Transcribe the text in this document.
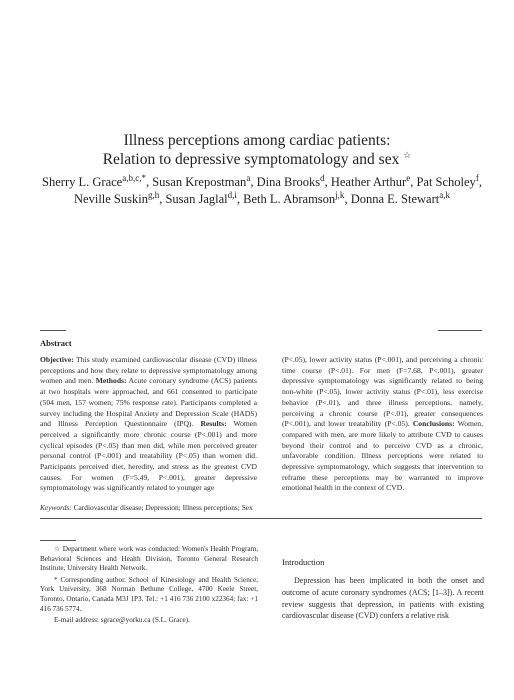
Illness perceptions among cardiac patients:
Relation to depressive symptomatology and sex ☆
Sherry L. Grace$^{a,b,c,*}$, Susan Krepostman$^a$, Dina Brooks$^d$, Heather Arthur$^e$, Pat Scholey$^f$,
Neville Suskin$^{g,h}$, Susan Jaglal$^{d,i}$, Beth L. Abramson$^{j,k}$, Donna E. Stewart$^{a,k}$
Abstract
Objective: This study examined cardiovascular disease (CVD) illness perceptions and how they relate to depressive symptomatology among women and men. Methods: Acute coronary syndrome (ACS) patients at two hospitals were approached, and 661 consented to participate (504 men, 157 women; 75% response rate). Participants completed a survey including the Hospital Anxiety and Depression Scale (HADS) and Illness Perception Questionnaire (IPQ). Results: Women perceived a significantly more chronic course (P<.001) and more cyclical episodes (P<.05) than men did, while men perceived greater personal control (P<.001) and treatability (P<.05) than women did. Participants perceived diet, heredity, and stress as the greatest CVD causes. For women (F=5.49, P<.001), greater depressive symptomatology was significantly related to younger age
(P<.05), lower activity status (P<.001), and perceiving a chronic time course (P<.01). For men (F=7.68, P<.001), greater depressive symptomatology was significantly related to being non-white (P<.05), lower activity status (P<.01), less exercise behavior (P<.01), and three illness perceptions, namely, perceiving a chronic course (P<.01), greater consequences (P<.001), and lower treatability (P<.05). Conclusions: Women, compared with men, are more likely to attribute CVD to causes beyond their control and to perceive CVD as a chronic, unfavorable condition. Illness perceptions were related to depressive symptomatology, which suggests that intervention to reframe these perceptions may be warranted to improve emotional health in the context of CVD.
Keywords: Cardiovascular disease; Depression; Illness perceptions; Sex

☆ Department where work was conducted: Women's Health Program, Behavioral Sciences and Health Division, Toronto General Research Institute, University Health Network.

* Corresponding author. School of Kinesiology and Health Science, York University, 368 Norman Bethune College, 4700 Keele Street, Toronto, Ontario, Canada M3J 1P3. Tel.: +1 416 736 2100 x22364; fax: +1 416 736 5774.

E-mail address: sgrace@yorku.ca (S.L. Grace).

Introduction
Depression has been implicated in both the onset and outcome of acute coronary syndromes (ACS; [1–3]). A recent review suggests that depression, in patients with existing cardiovascular disease (CVD) confers a relative risk
